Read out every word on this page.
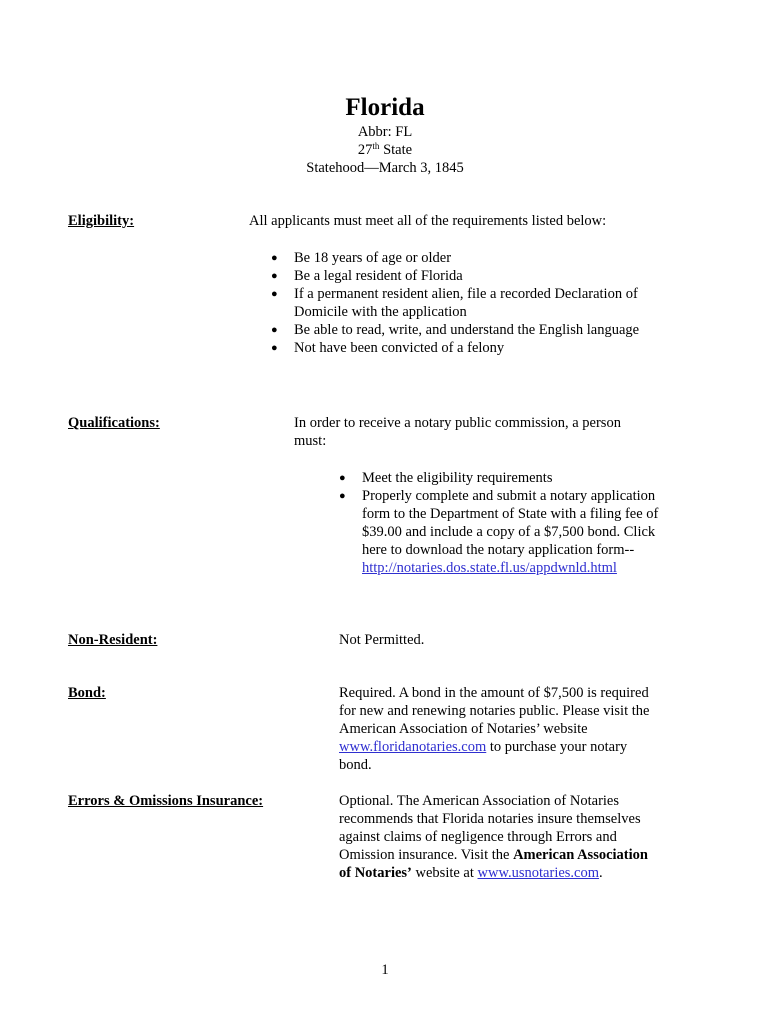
Florida
Abbr: FL
27th State
Statehood—March 3, 1845
Eligibility:	All applicants must meet all of the requirements listed below:
●	Be 18 years of age or older
●	Be a legal resident of Florida
●	If a permanent resident alien, file a recorded Declaration of Domicile with the application
●	Be able to read, write, and understand the English language
●	Not have been convicted of a felony
Qualifications:	In order to receive a notary public commission, a person must:
●	Meet the eligibility requirements
●	Properly complete and submit a notary application form to the Department of State with a filing fee of $39.00 and include a copy of a $7,500 bond. Click here to download the notary application form--
http://notaries.dos.state.fl.us/appdwnld.html
Non-Resident:	Not Permitted.
Bond:	Required. A bond in the amount of $7,500 is required for new and renewing notaries public. Please visit the American Association of Notaries’ website www.floridanotaries.com to purchase your notary bond.
Errors & Omissions Insurance:	Optional. The American Association of Notaries recommends that Florida notaries insure themselves against claims of negligence through Errors and Omission insurance. Visit the American Association of Notaries’ website at www.usnotaries.com.
1
